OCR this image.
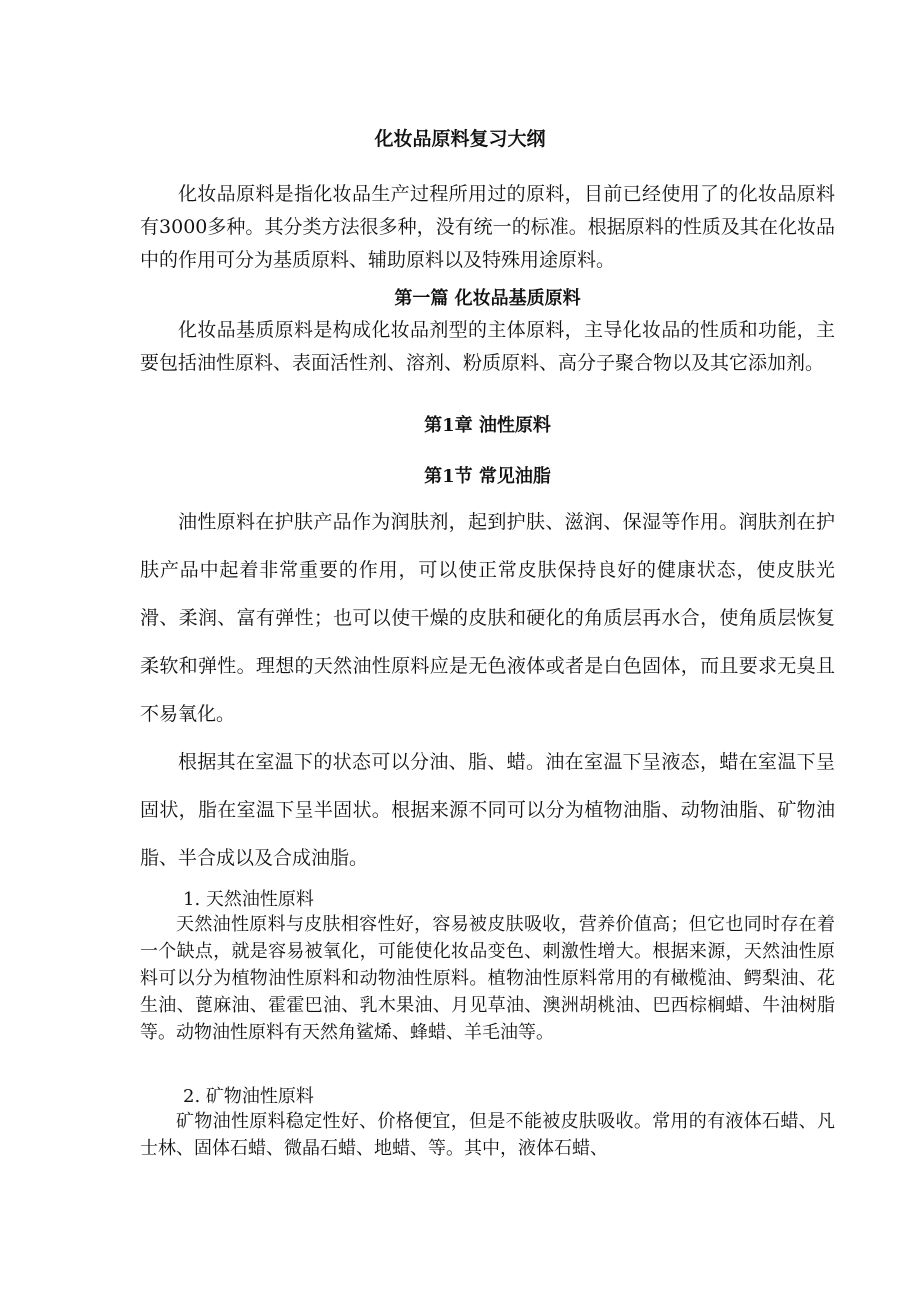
化妆品原料复习大纲

化妆品原料是指化妆品生产过程所用过的原料，目前已经使用了的化妆品原料有3000多种。其分类方法很多种，没有统一的标准。根据原料的性质及其在化妆品中的作用可分为基质原料、辅助原料以及特殊用途原料。

第一篇 化妆品基质原料

化妆品基质原料是构成化妆品剂型的主体原料，主导化妆品的性质和功能，主要包括油性原料、表面活性剂、溶剂、粉质原料、高分子聚合物以及其它添加剂。

第1章 油性原料
第1节 常见油脂

油性原料在护肤产品作为润肤剂，起到护肤、滋润、保湿等作用。润肤剂在护肤产品中起着非常重要的作用，可以使正常皮肤保持良好的健康状态，使皮肤光滑、柔润、富有弹性；也可以使干燥的皮肤和硬化的角质层再水合，使角质层恢复柔软和弹性。理想的天然油性原料应是无色液体或者是白色固体，而且要求无臭且不易氧化。

根据其在室温下的状态可以分油、脂、蜡。油在室温下呈液态，蜡在室温下呈固状，脂在室温下呈半固状。根据来源不同可以分为植物油脂、动物油脂、矿物油脂、半合成以及合成油脂。

1. 天然油性原料

天然油性原料与皮肤相容性好，容易被皮肤吸收，营养价值高；但它也同时存在着一个缺点，就是容易被氧化，可能使化妆品变色、刺激性增大。根据来源，天然油性原料可以分为植物油性原料和动物油性原料。植物油性原料常用的有橄榄油、鳄梨油、花生油、蓖麻油、霍霍巴油、乳木果油、月见草油、澳洲胡桃油、巴西棕榈蜡、牛油树脂等。动物油性原料有天然角鲨烯、蜂蜡、羊毛油等。

2. 矿物油性原料

矿物油性原料稳定性好、价格便宜，但是不能被皮肤吸收。常用的有液体石蜡、凡士林、固体石蜡、微晶石蜡、地蜡、等。其中，液体石蜡、
